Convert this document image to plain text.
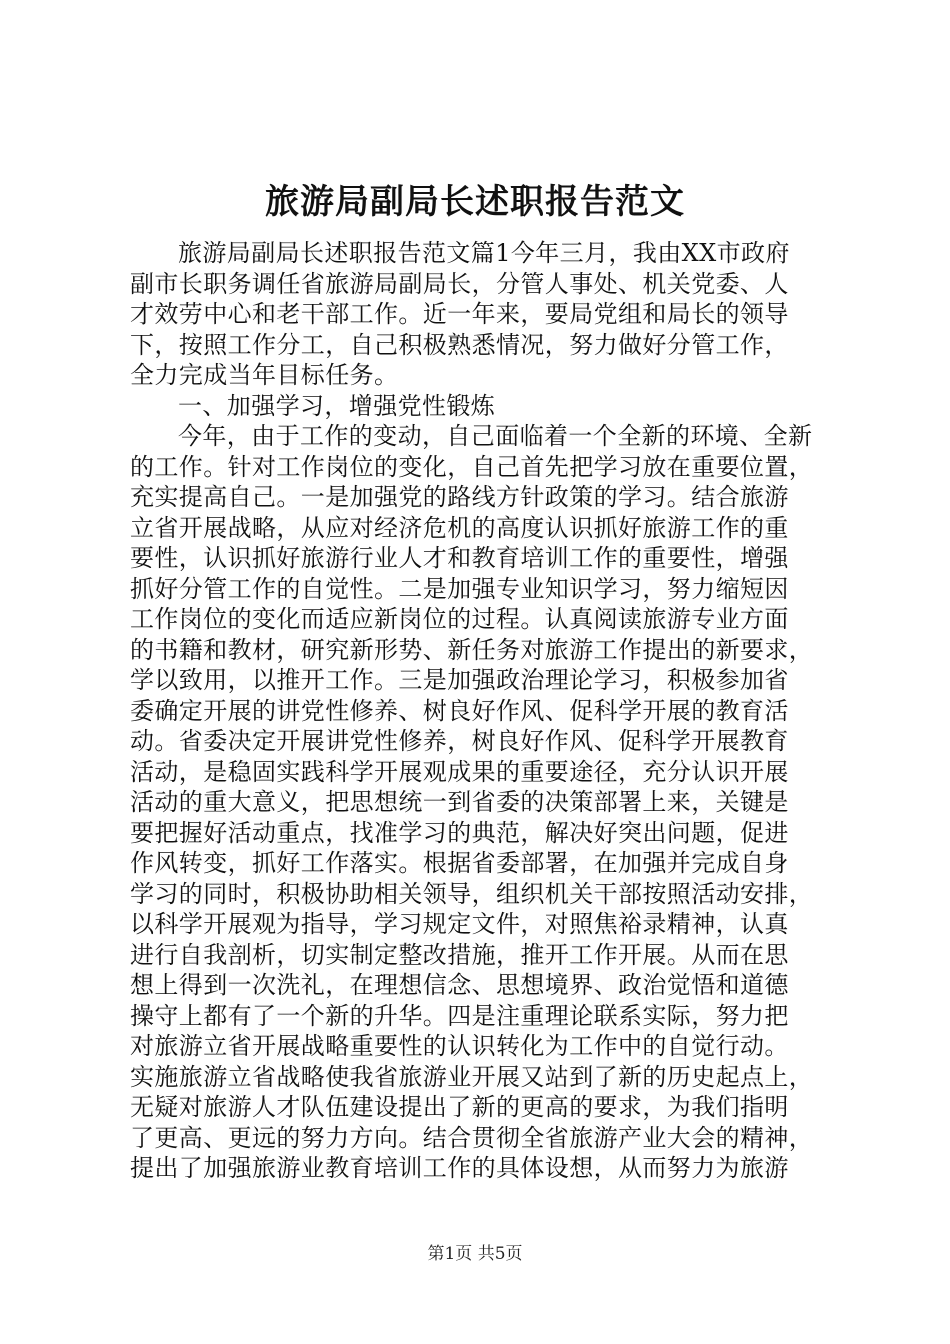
旅游局副局长述职报告范文
旅游局副局长述职报告范文篇1今年三月，我由XX市政府
副市长职务调任省旅游局副局长，分管人事处、机关党委、人
才效劳中心和老干部工作。近一年来，要局党组和局长的领导
下，按照工作分工，自己积极熟悉情况，努力做好分管工作，
全力完成当年目标任务。
一、加强学习，增强党性锻炼
今年，由于工作的变动，自己面临着一个全新的环境、全新
的工作。针对工作岗位的变化，自己首先把学习放在重要位置，
充实提高自己。一是加强党的路线方针政策的学习。结合旅游
立省开展战略，从应对经济危机的高度认识抓好旅游工作的重
要性，认识抓好旅游行业人才和教育培训工作的重要性，增强
抓好分管工作的自觉性。二是加强专业知识学习，努力缩短因
工作岗位的变化而适应新岗位的过程。认真阅读旅游专业方面
的书籍和教材，研究新形势、新任务对旅游工作提出的新要求，
学以致用，以推开工作。三是加强政治理论学习，积极参加省
委确定开展的讲党性修养、树良好作风、促科学开展的教育活
动。省委决定开展讲党性修养，树良好作风、促科学开展教育
活动，是稳固实践科学开展观成果的重要途径，充分认识开展
活动的重大意义，把思想统一到省委的决策部署上来，关键是
要把握好活动重点，找准学习的典范，解决好突出问题，促进
作风转变，抓好工作落实。根据省委部署，在加强并完成自身
学习的同时，积极协助相关领导，组织机关干部按照活动安排，
以科学开展观为指导，学习规定文件，对照焦裕录精神，认真
进行自我剖析，切实制定整改措施，推开工作开展。从而在思
想上得到一次洗礼，在理想信念、思想境界、政治觉悟和道德
操守上都有了一个新的升华。四是注重理论联系实际，努力把
对旅游立省开展战略重要性的认识转化为工作中的自觉行动。
实施旅游立省战略使我省旅游业开展又站到了新的历史起点上，
无疑对旅游人才队伍建设提出了新的更高的要求，为我们指明
了更高、更远的努力方向。结合贯彻全省旅游产业大会的精神，
提出了加强旅游业教育培训工作的具体设想，从而努力为旅游
第1页 共5页
